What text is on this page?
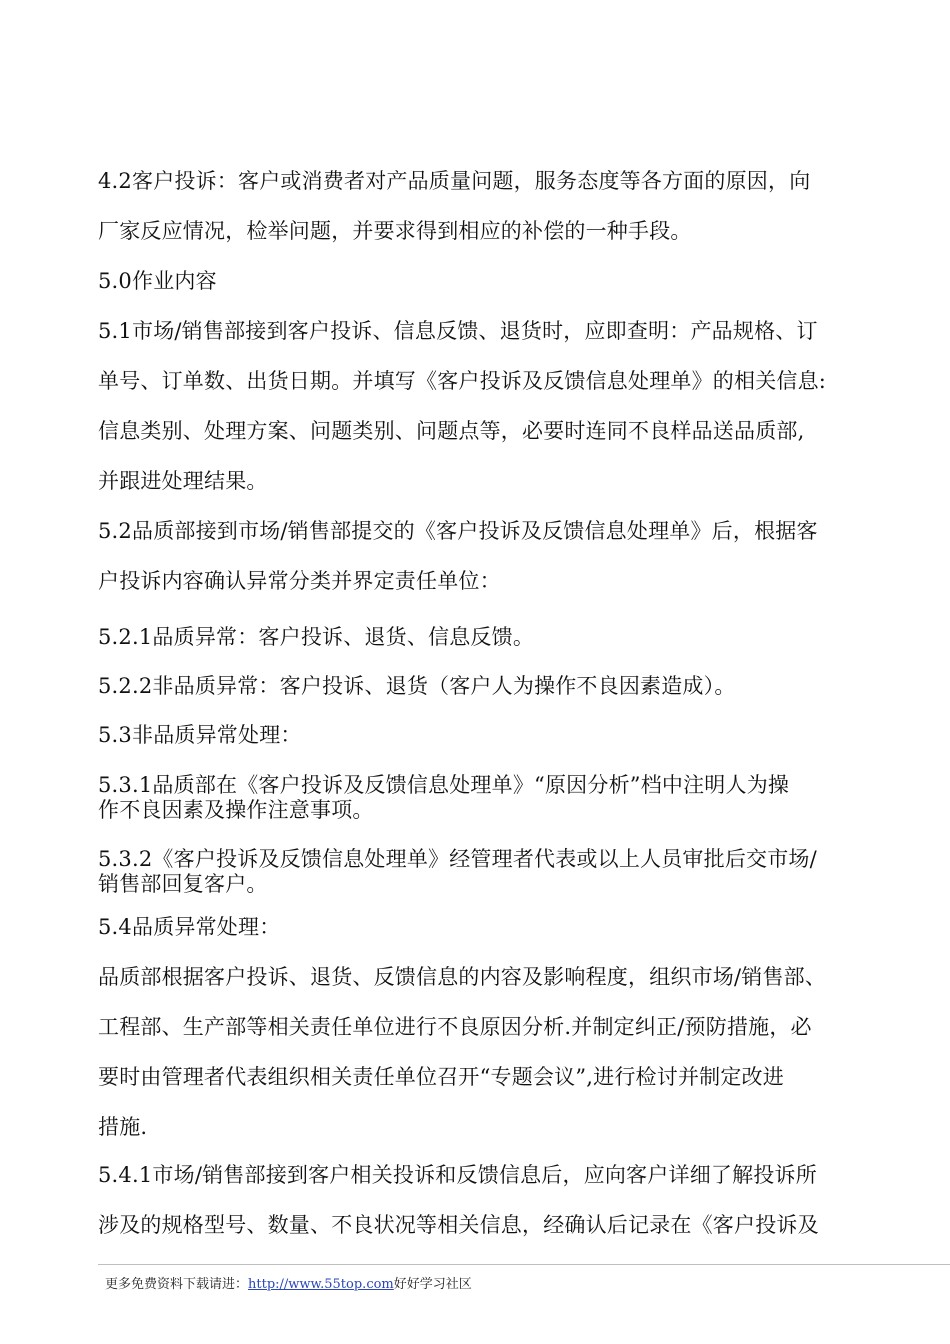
4.2客户投诉：客户或消费者对产品质量问题，服务态度等各方面的原因，向
厂家反应情况，检举问题，并要求得到相应的补偿的一种手段。
5.0作业内容
5.1市场/销售部接到客户投诉、信息反馈、退货时，应即查明：产品规格、订
单号、订单数、出货日期。并填写《客户投诉及反馈信息处理单》的相关信息:
信息类别、处理方案、问题类别、问题点等，必要时连同不良样品送品质部,
并跟进处理结果。
5.2品质部接到市场/销售部提交的《客户投诉及反馈信息处理单》后，根据客
户投诉内容确认异常分类并界定责任单位：
5.2.1品质异常：客户投诉、退货、信息反馈。
5.2.2非品质异常：客户投诉、退货（客户人为操作不良因素造成）。
5.3非品质异常处理：
5.3.1品质部在《客户投诉及反馈信息处理单》“原因分析”档中注明人为操
作不良因素及操作注意事项。
5.3.2《客户投诉及反馈信息处理单》经管理者代表或以上人员审批后交市场/
销售部回复客户。
5.4品质异常处理：
品质部根据客户投诉、退货、反馈信息的内容及影响程度，组织市场/销售部、
工程部、生产部等相关责任单位进行不良原因分析.并制定纠正/预防措施，必
要时由管理者代表组织相关责任单位召开“专题会议”,进行检讨并制定改进
措施.
5.4.1市场/销售部接到客户相关投诉和反馈信息后，应向客户详细了解投诉所
涉及的规格型号、数量、不良状况等相关信息，经确认后记录在《客户投诉及
更多免费资料下载请进：http://www.55top.com好好学习社区
